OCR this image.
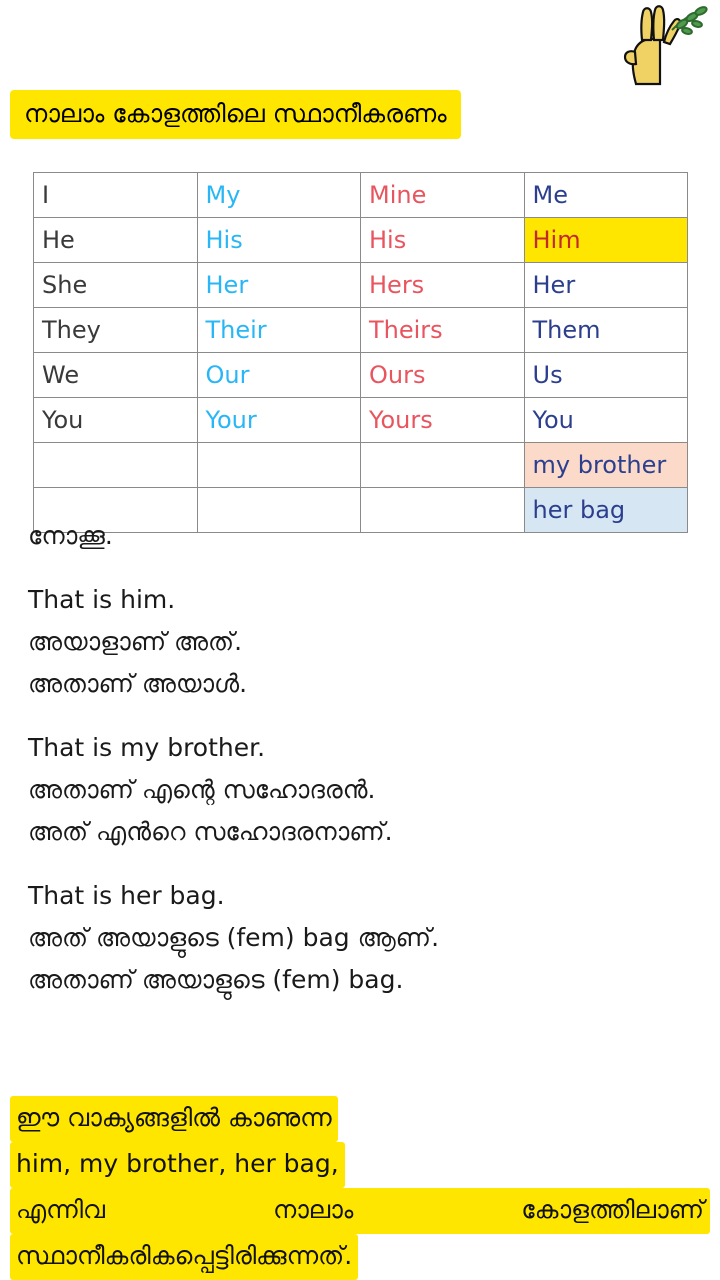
നാലാം കോളത്തിലെ സ്ഥാനീകരണം
I	My	Mine	Me
He	His	His	Him
She	Her	Hers	Her
They	Their	Theirs	Them
We	Our	Ours	Us
You	Your	Yours	You
			my brother
			her bag

നോക്കൂ.

That is him.

അയാളാണ് അത്.

അതാണ് അയാൾ.

That is my brother.

അതാണ് എന്റെ സഹോദരൻ.

അത് എന്‍റെ സഹോദരനാണ്.

That is her bag.

അത് അയാളുടെ (fem) bag ആണ്.

അതാണ് അയാളുടെ (fem) bag.

ഈ വാക്യങ്ങളിൽ കാണുന്ന
him, my brother, her bag,
എന്നിവ നാലാം കോളത്തിലാണ്
സ്ഥാനീകരികപ്പെട്ടിരിക്കുന്നത്.
